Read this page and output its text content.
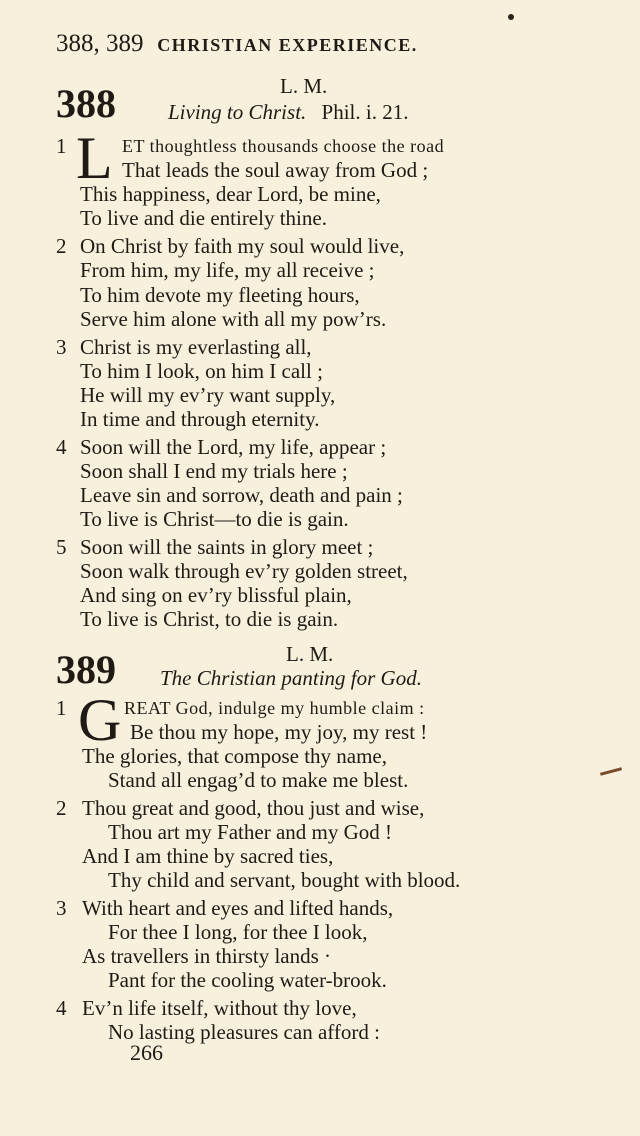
388, 389 CHRISTIAN EXPERIENCE.
388	L. M.
Living to Christ. Phil. i. 21.
1 L ET thoughtless thousands choose the road
That leads the soul away from God ;
This happiness, dear Lord, be mine,
To live and die entirely thine.
2 On Christ by faith my soul would live,
From him, my life, my all receive ;
To him devote my fleeting hours,
Serve him alone with all my pow’rs.
3 Christ is my everlasting all,
To him I look, on him I call ;
He will my ev’ry want supply,
In time and through eternity.
4 Soon will the Lord, my life, appear ;
Soon shall I end my trials here ;
Leave sin and sorrow, death and pain ;
To live is Christ—to die is gain.
5 Soon will the saints in glory meet ;
Soon walk through ev’ry golden street,
And sing on ev’ry blissful plain,
To live is Christ, to die is gain.
389	L. M.
The Christian panting for God.
1 G REAT God, indulge my humble claim :
Be thou my hope, my joy, my rest !
The glories, that compose thy name,
Stand all engag’d to make me blest.
2 Thou great and good, thou just and wise,
Thou art my Father and my God !
And I am thine by sacred ties,
Thy child and servant, bought with blood.
3 With heart and eyes and lifted hands,
For thee I long, for thee I look,
As travellers in thirsty lands ·
Pant for the cooling water-brook.
4 Ev’n life itself, without thy love,
No lasting pleasures can afford :
266
